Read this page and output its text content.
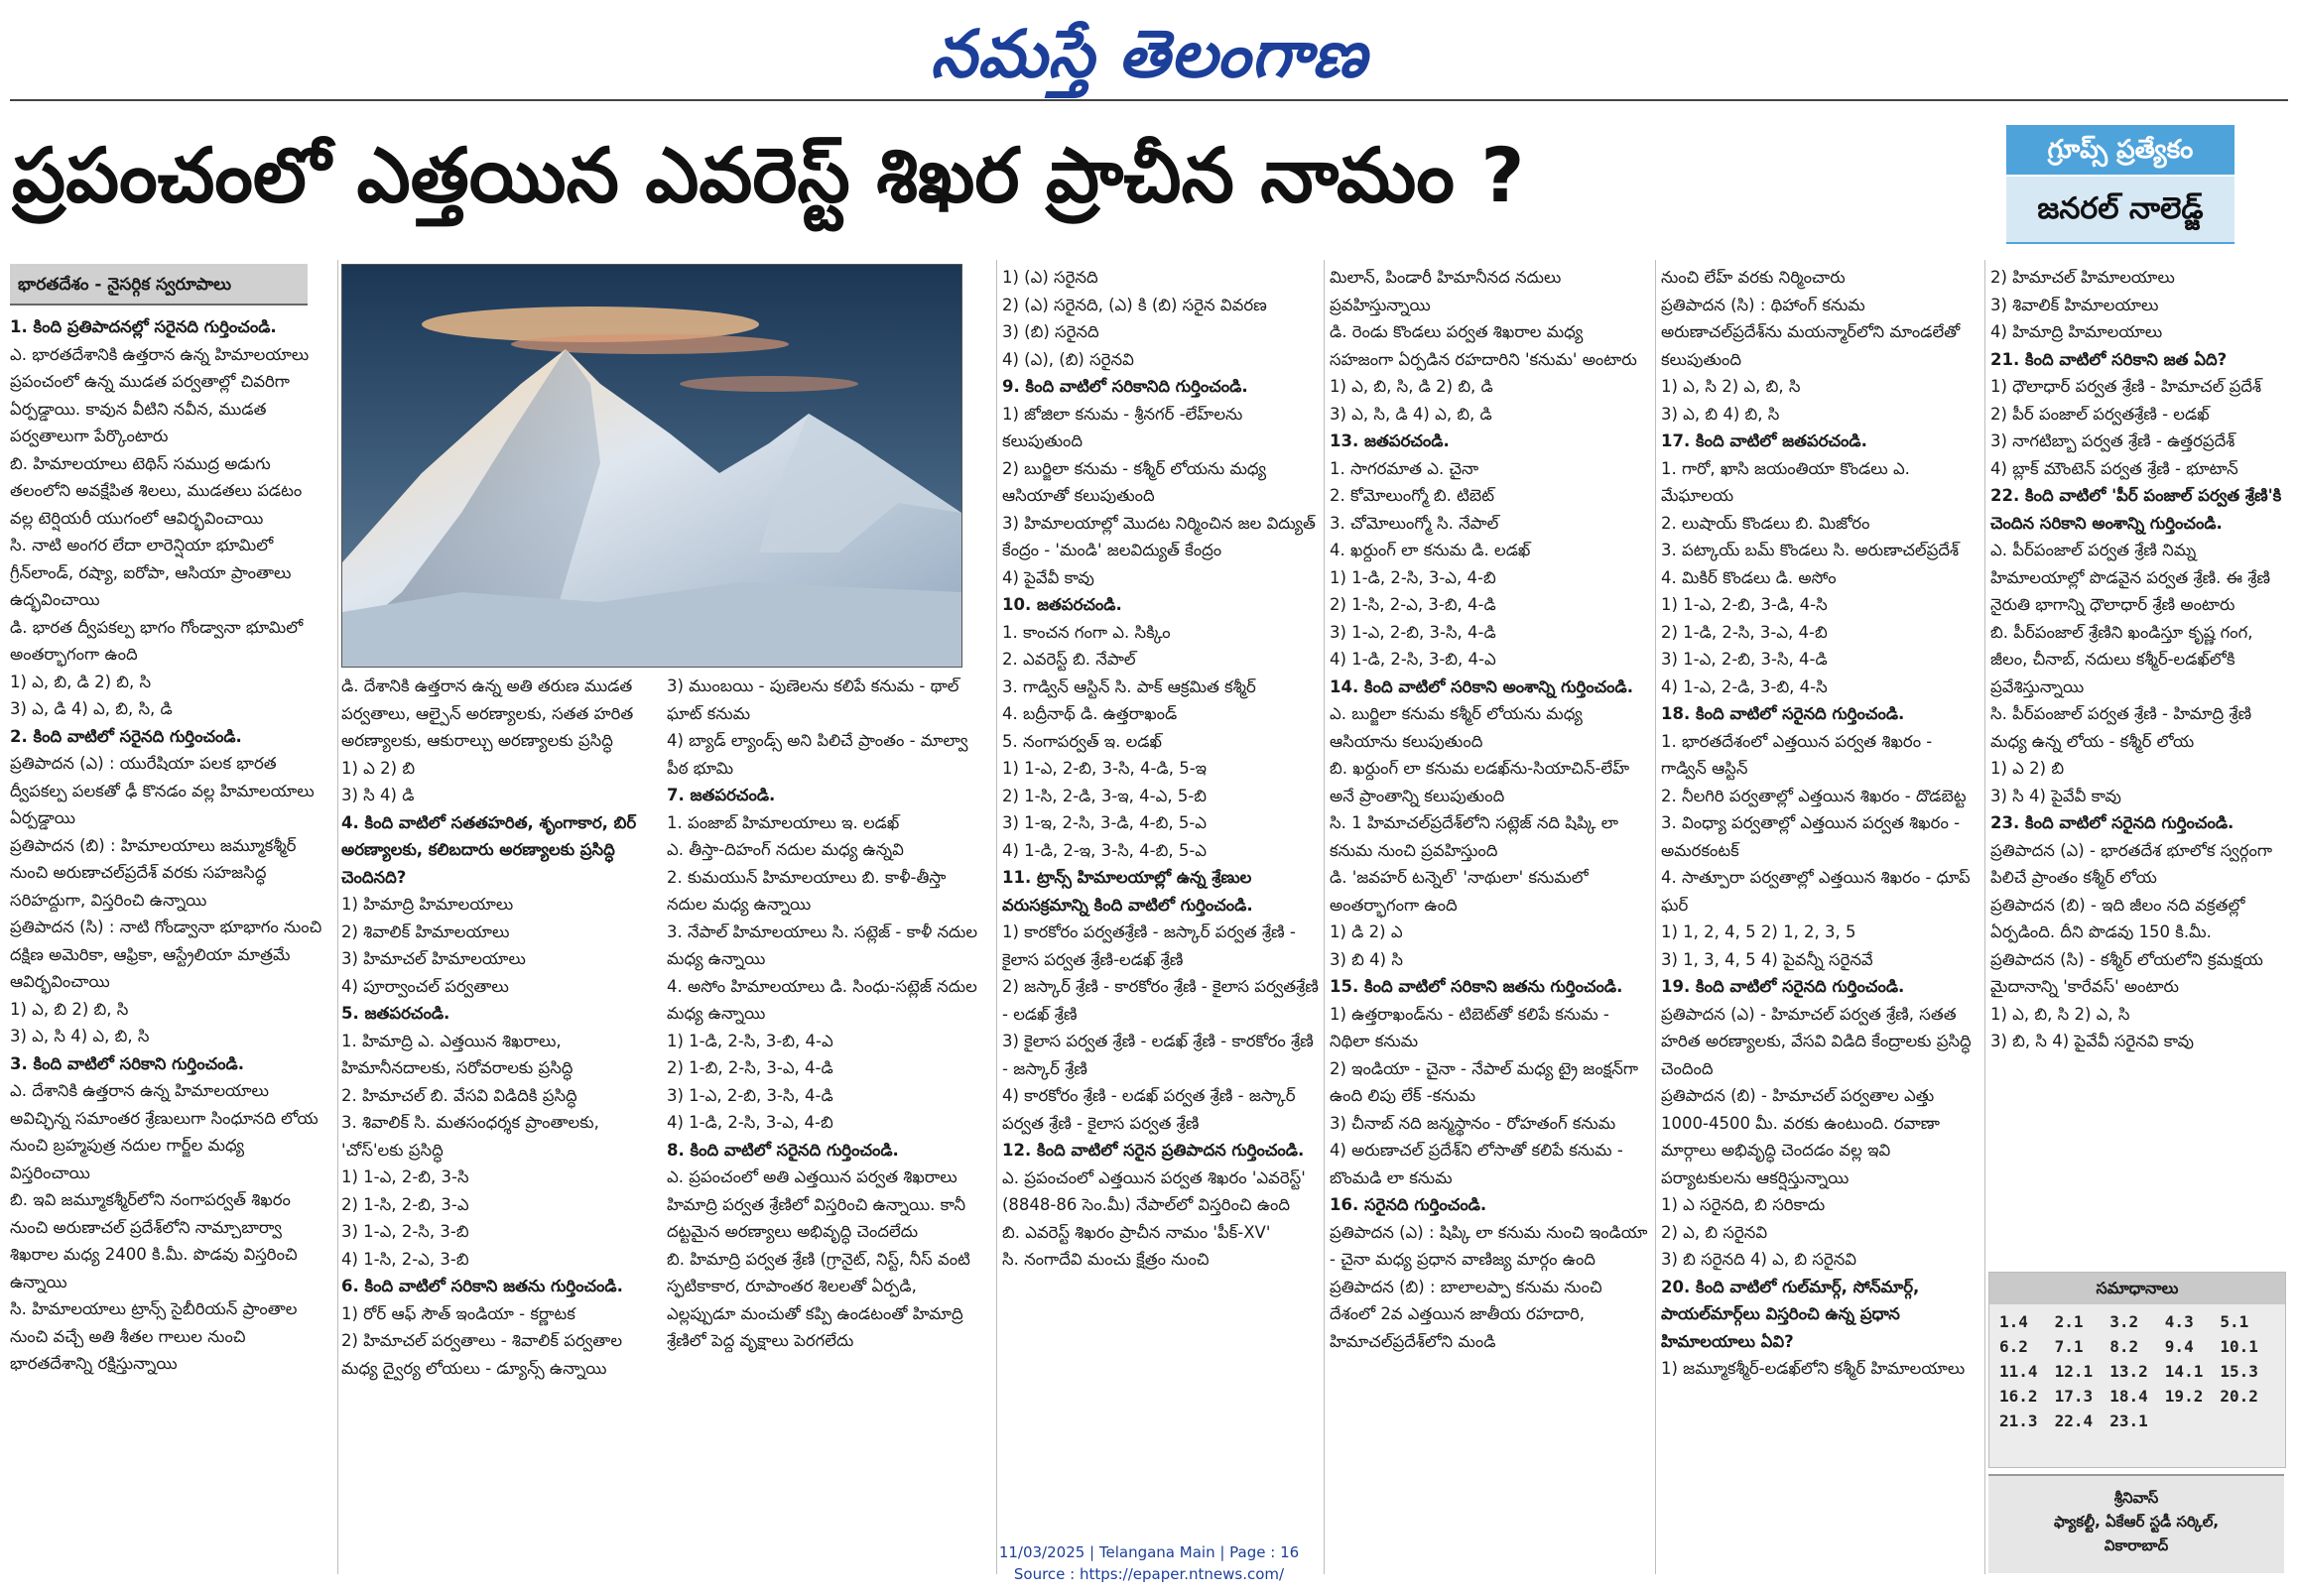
నమస్తే తెలంగాణ
ప్రపంచంలో ఎత్తయిన ఎవరెస్ట్ శిఖర ప్రాచీన నామం ?	గ్రూప్స్ ప్రత్యేకం
జనరల్ నాలెడ్జ్
భారతదేశం - నైసర్గిక స్వరూపాలు

1. కింది ప్రతిపాదనల్లో సరైనది గుర్తించండి.

ఎ. భారతదేశానికి ఉత్తరాన ఉన్న హిమాలయాలు ప్రపంచంలో ఉన్న ముడత పర్వతాల్లో చివరిగా ఏర్పడ్డాయి. కావున వీటిని నవీన, ముడత పర్వతాలుగా పేర్కొంటారు

బి. హిమాలయాలు టెథిస్ సముద్ర అడుగు తలంలోని అవక్షేపిత శిలలు, ముడతలు పడటం వల్ల టెర్షియరీ యుగంలో ఆవిర్భవించాయి

సి. నాటి అంగర లేదా లారెన్షియా భూమిలో గ్రీన్‌లాండ్, రష్యా, ఐరోపా, ఆసియా ప్రాంతాలు ఉద్భవించాయి

డి. భారత ద్వీపకల్ప భాగం గోండ్వానా భూమిలో అంతర్భాగంగా ఉంది

1) ఎ, బి, డి 2) బి, సి

3) ఎ, డి 4) ఎ, బి, సి, డి

2. కింది వాటిలో సరైనది గుర్తించండి.

ప్రతిపాదన (ఎ) : యురేషియా పలక భారత ద్వీపకల్ప పలకతో ఢీ కొనడం వల్ల హిమాలయాలు ఏర్పడ్డాయి

ప్రతిపాదన (బి) : హిమాలయాలు జమ్మూకశ్మీర్ నుంచి అరుణాచల్‌ప్రదేశ్ వరకు సహజసిద్ధ సరిహద్దుగా, విస్తరించి ఉన్నాయి

ప్రతిపాదన (సి) : నాటి గోండ్వానా భూభాగం నుంచి దక్షిణ అమెరికా, ఆఫ్రికా, ఆస్ట్రేలియా మాత్రమే ఆవిర్భవించాయి

1) ఎ, బి 2) బి, సి

3) ఎ, సి 4) ఎ, బి, సి

3. కింది వాటిలో సరికాని గుర్తించండి.

ఎ. దేశానికి ఉత్తరాన ఉన్న హిమాలయాలు అవిచ్ఛిన్న సమాంతర శ్రేణులుగా సింధూనది లోయ నుంచి బ్రహ్మపుత్ర నదుల గార్జ్‌ల మధ్య విస్తరించాయి

బి. ఇవి జమ్మూకశ్మీర్‌లోని నంగాపర్వత్ శిఖరం నుంచి అరుణాచల్ ప్రదేశ్‌లోని నామ్చాబార్వా శిఖరాల మధ్య 2400 కి.మీ. పొడవు విస్తరించి ఉన్నాయి

సి. హిమాలయాలు ట్రాన్స్ సైబీరియన్ ప్రాంతాల నుంచి వచ్చే అతి శీతల గాలుల నుంచి భారతదేశాన్ని రక్షిస్తున్నాయి

డి. దేశానికి ఉత్తరాన ఉన్న అతి తరుణ ముడత పర్వతాలు, ఆల్పైన్ అరణ్యాలకు, సతత హరిత అరణ్యాలకు, ఆకురాల్చు అరణ్యాలకు ప్రసిద్ధి

1) ఎ 2) బి

3) సి 4) డి

4. కింది వాటిలో సతతహరిత, శృంగాకార, బిర్ అరణ్యాలకు, కలిబదారు అరణ్యాలకు ప్రసిద్ధి చెందినది?

1) హిమాద్రి హిమాలయాలు

2) శివాలిక్ హిమాలయాలు

3) హిమాచల్ హిమాలయాలు

4) పూర్వాంచల్ పర్వతాలు

5. జతపరచండి.

1. హిమాద్రి ఎ. ఎత్తయిన శిఖరాలు, హిమానీనదాలకు, సరోవరాలకు ప్రసిద్ధి

2. హిమాచల్ బి. వేసవి విడిదికి ప్రసిద్ధి

3. శివాలిక్ సి. మతసంధర్శక ప్రాంతాలకు, 'చోస్'లకు ప్రసిద్ధి

1) 1-ఎ, 2-బి, 3-సి

2) 1-సి, 2-బి, 3-ఎ

3) 1-ఎ, 2-సి, 3-బి

4) 1-సి, 2-ఎ, 3-బి

6. కింది వాటిలో సరికాని జతను గుర్తించండి.

1) రోర్ ఆఫ్ సౌత్ ఇండియా - కర్ణాటక

2) హిమాచల్ పర్వతాలు - శివాలిక్ పర్వతాల మధ్య ద్వైర్య లోయలు - డ్యూన్స్ ఉన్నాయి

3) ముంబయి - పుణెలను కలిపే కనుమ - థాల్ ఘాట్ కనుమ

4) బ్యాడ్ ల్యాండ్స్ అని పిలిచే ప్రాంతం - మాల్వా పీఠ భూమి

7. జతపరచండి.

1. పంజాబ్ హిమాలయాలు ఇ. లడఖ్

ఎ. తీస్తా-దిహంగ్ నదుల మధ్య ఉన్నవి

2. కుమయున్ హిమాలయాలు బి. కాళీ-తీస్తా నదుల మధ్య ఉన్నాయి

3. నేపాల్ హిమాలయాలు సి. సట్లెజ్ - కాళీ నదుల మధ్య ఉన్నాయి

4. అసోం హిమాలయాలు డి. సింధు-సట్లెజ్ నదుల మధ్య ఉన్నాయి

1) 1-డి, 2-సి, 3-బి, 4-ఎ

2) 1-బి, 2-సి, 3-ఎ, 4-డి

3) 1-ఎ, 2-బి, 3-సి, 4-డి

4) 1-డి, 2-సి, 3-ఎ, 4-బి

8. కింది వాటిలో సరైనది గుర్తించండి.

ఎ. ప్రపంచంలో అతి ఎత్తయిన పర్వత శిఖరాలు హిమాద్రి పర్వత శ్రేణిలో విస్తరించి ఉన్నాయి. కానీ దట్టమైన అరణ్యాలు అభివృద్ధి చెందలేదు

బి. హిమాద్రి పర్వత శ్రేణి (గ్రానైట్, నిస్ట్, నీస్ వంటి స్ఫటికాకార, రూపాంతర శిలలతో ఏర్పడి, ఎల్లప్పుడూ మంచుతో కప్పి ఉండటంతో హిమాద్రి శ్రేణిలో పెద్ద వృక్షాలు పెరగలేదు

1) (ఎ) సరైనది

2) (ఎ) సరైనది, (ఎ) కి (బి) సరైన వివరణ

3) (బి) సరైనది

4) (ఎ), (బి) సరైనవి

9. కింది వాటిలో సరికానిది గుర్తించండి.

1) జోజిలా కనుమ - శ్రీనగర్ -లేహ్‌లను కలుపుతుంది

2) బుర్జిలా కనుమ - కశ్మీర్ లోయను మధ్య ఆసియాతో కలుపుతుంది

3) హిమాలయాల్లో మొదట నిర్మించిన జల విద్యుత్ కేంద్రం - 'మండి' జలవిద్యుత్ కేంద్రం

4) పైవేవీ కావు

10. జతపరచండి.

1. కాంచన గంగా ఎ. సిక్కిం

2. ఎవరెస్ట్ బి. నేపాల్

3. గాడ్విన్ ఆస్టిన్ సి. పాక్ ఆక్రమిత కశ్మీర్

4. బద్రీనాథ్ డి. ఉత్తరాఖండ్

5. నంగాపర్వత్ ఇ. లడఖ్

1) 1-ఎ, 2-బి, 3-సి, 4-డి, 5-ఇ

2) 1-సి, 2-డి, 3-ఇ, 4-ఎ, 5-బి

3) 1-ఇ, 2-సి, 3-డి, 4-బి, 5-ఎ

4) 1-డి, 2-ఇ, 3-సి, 4-బి, 5-ఎ

11. ట్రాన్స్ హిమాలయాల్లో ఉన్న శ్రేణుల వరుసక్రమాన్ని కింది వాటిలో గుర్తించండి.

1) కారకోరం పర్వతశ్రేణి - జస్కార్ పర్వత శ్రేణి - కైలాస పర్వత శ్రేణి-లడఖ్ శ్రేణి

2) జస్కార్ శ్రేణి - కారకోరం శ్రేణి - కైలాస పర్వతశ్రేణి - లడఖ్ శ్రేణి

3) కైలాస పర్వత శ్రేణి - లడఖ్ శ్రేణి - కారకోరం శ్రేణి - జస్కార్ శ్రేణి

4) కారకోరం శ్రేణి - లడఖ్ పర్వత శ్రేణి - జస్కార్ పర్వత శ్రేణి - కైలాస పర్వత శ్రేణి

12. కింది వాటిలో సరైన ప్రతిపాదన గుర్తించండి.

ఎ. ప్రపంచంలో ఎత్తయిన పర్వత శిఖరం 'ఎవరెస్ట్' (8848-86 సెం.మీ) నేపాల్‌లో విస్తరించి ఉంది

బి. ఎవరెస్ట్ శిఖరం ప్రాచీన నామం 'పీక్-XV'

సి. నంగాదేవి మంచు క్షేత్రం నుంచి

మిలాన్, పిండారీ హిమానీనద నదులు ప్రవహిస్తున్నాయి

డి. రెండు కొండలు పర్వత శిఖరాల మధ్య సహజంగా ఏర్పడిన రహదారిని 'కనుమ' అంటారు

1) ఎ, బి, సి, డి 2) బి, డి

3) ఎ, సి, డి 4) ఎ, బి, డి

13. జతపరచండి.

1. సాగరమాత ఎ. చైనా

2. కోమోలుంగ్మో బి. టిబెట్

3. చోమోలుంగ్మో సి. నేపాల్

4. ఖర్దుంగ్ లా కనుమ డి. లడఖ్

1) 1-డి, 2-సి, 3-ఎ, 4-బి

2) 1-సి, 2-ఎ, 3-బి, 4-డి

3) 1-ఎ, 2-బి, 3-సి, 4-డి

4) 1-డి, 2-సి, 3-బి, 4-ఎ

14. కింది వాటిలో సరికాని అంశాన్ని గుర్తించండి.

ఎ. బుర్జిలా కనుమ కశ్మీర్ లోయను మధ్య ఆసియాను కలుపుతుంది

బి. ఖర్దుంగ్ లా కనుమ లడఖ్‌ను-సియాచిన్-లేహ్ అనే ప్రాంతాన్ని కలుపుతుంది

సి. 1 హిమాచల్‌ప్రదేశ్‌లోని సట్లెజ్ నది షిప్కి లా కనుమ నుంచి ప్రవహిస్తుంది

డి. 'జవహర్ టన్నెల్' 'నాథులా' కనుమలో అంతర్భాగంగా ఉంది

1) డి 2) ఎ

3) బి 4) సి

15. కింది వాటిలో సరికాని జతను గుర్తించండి.

1) ఉత్తరాఖండ్‌ను - టిబెట్‌తో కలిపే కనుమ - నిథిలా కనుమ

2) ఇండియా - చైనా - నేపాల్ మధ్య ట్రై జంక్షన్‌గా ఉంది లిపు లేక్ -కనుమ

3) చీనాబ్ నది జన్మస్థానం - రోహతంగ్ కనుమ

4) అరుణాచల్ ప్రదేశ్‌ని లోసాతో కలిపే కనుమ - బొంమడి లా కనుమ

16. సరైనది గుర్తించండి.

ప్రతిపాదన (ఎ) : షిప్కి లా కనుమ నుంచి ఇండియా - చైనా మధ్య ప్రధాన వాణిజ్య మార్గం ఉంది

ప్రతిపాదన (బి) : బాలాలప్పా కనుమ నుంచి దేశంలో 2వ ఎత్తయిన జాతీయ రహదారి, హిమాచల్‌ప్రదేశ్‌లోని మండి

నుంచి లేహ్ వరకు నిర్మించారు

ప్రతిపాదన (సి) : థిహాంగ్ కనుమ అరుణాచల్‌ప్రదేశ్‌ను మయన్మార్‌లోని మాండలేతో కలుపుతుంది

1) ఎ, సి 2) ఎ, బి, సి

3) ఎ, బి 4) బి, సి

17. కింది వాటిలో జతపరచండి.

1. గారో, ఖాసి జయంతియా కొండలు ఎ. మేఘాలయ

2. లుషాయ్ కొండలు బి. మిజోరం

3. పట్కాయ్ బమ్ కొండలు సి. అరుణాచల్‌ప్రదేశ్

4. మికిర్ కొండలు డి. అసోం

1) 1-ఎ, 2-బి, 3-డి, 4-సి

2) 1-డి, 2-సి, 3-ఎ, 4-బి

3) 1-ఎ, 2-బి, 3-సి, 4-డి

4) 1-ఎ, 2-డి, 3-బి, 4-సి

18. కింది వాటిలో సరైనది గుర్తించండి.

1. భారతదేశంలో ఎత్తయిన పర్వత శిఖరం - గాడ్విన్ ఆస్టిన్

2. నీలగిరి పర్వతాల్లో ఎత్తయిన శిఖరం - దొడబెట్ట

3. వింధ్యా పర్వతాల్లో ఎత్తయిన పర్వత శిఖరం - అమరకంటక్

4. సాత్పూరా పర్వతాల్లో ఎత్తయిన శిఖరం - ధూప్ ఘర్

1) 1, 2, 4, 5 2) 1, 2, 3, 5

3) 1, 3, 4, 5 4) పైవన్నీ సరైనవే

19. కింది వాటిలో సరైనది గుర్తించండి.

ప్రతిపాదన (ఎ) - హిమాచల్ పర్వత శ్రేణి, సతత హరిత అరణ్యాలకు, వేసవి విడిది కేంద్రాలకు ప్రసిద్ధి చెందింది

ప్రతిపాదన (బి) - హిమాచల్ పర్వతాల ఎత్తు 1000-4500 మీ. వరకు ఉంటుంది. రవాణా మార్గాలు అభివృద్ధి చెందడం వల్ల ఇవి పర్యాటకులను ఆకర్షిస్తున్నాయి

1) ఎ సరైనది, బి సరికాదు

2) ఎ, బి సరైనవి

3) బి సరైనది 4) ఎ, బి సరైనవి

20. కింది వాటిలో గుల్‌మార్గ్, సోన్‌మార్గ్, పాయల్‌మార్గ్‌లు విస్తరించి ఉన్న ప్రధాన హిమాలయాలు ఏవి?

1) జమ్మూకశ్మీర్-లడఖ్‌లోని కశ్మీర్ హిమాలయాలు

2) హిమాచల్ హిమాలయాలు

3) శివాలిక్ హిమాలయాలు

4) హిమాద్రి హిమాలయాలు

21. కింది వాటిలో సరికాని జత ఏది?

1) ధౌలాధార్ పర్వత శ్రేణి - హిమాచల్ ప్రదేశ్

2) పీర్ పంజాల్ పర్వతశ్రేణి - లడఖ్

3) నాగటిబ్బా పర్వత శ్రేణి - ఉత్తరప్రదేశ్

4) బ్లాక్ మౌంటెన్ పర్వత శ్రేణి - భూటాన్

22. కింది వాటిలో 'పీర్ పంజాల్ పర్వత శ్రేణి'కి చెందిన సరికాని అంశాన్ని గుర్తించండి.

ఎ. పీర్‌పంజాల్ పర్వత శ్రేణి నిమ్న హిమాలయాల్లో పొడవైన పర్వత శ్రేణి. ఈ శ్రేణి నైరుతి భాగాన్ని ధౌలాధార్ శ్రేణి అంటారు

బి. పీర్‌పంజాల్ శ్రేణిని ఖండిస్తూ కృష్ణ గంగ, జీలం, చీనాబ్, నదులు కశ్మీర్-లడఖ్‌లోకి ప్రవేశిస్తున్నాయి

సి. పీర్‌పంజాల్ పర్వత శ్రేణి - హిమాద్రి శ్రేణి మధ్య ఉన్న లోయ - కశ్మీర్ లోయ

1) ఎ 2) బి

3) సి 4) పైవేవీ కావు

23. కింది వాటిలో సరైనది గుర్తించండి.

ప్రతిపాదన (ఎ) - భారతదేశ భూలోక స్వర్గంగా పిలిచే ప్రాంతం కశ్మీర్ లోయ

ప్రతిపాదన (బి) - ఇది జీలం నది వక్రతల్లో ఏర్పడింది. దీని పొడవు 150 కి.మీ.

ప్రతిపాదన (సి) - కశ్మీర్ లోయలోని క్రమక్షయ మైదానాన్ని 'కారేవస్' అంటారు

1) ఎ, బి, సి 2) ఎ, సి

3) బి, సి 4) పైవేవీ సరైనవి కావు

సమాధానాలు
1.4	2.1	3.2	4.3	5.1
6.2	7.1	8.2	9.4	10.1
11.4	12.1	13.2	14.1	15.3
16.2	17.3	18.4	19.2	20.2
21.3	22.4	23.1
శ్రీనివాస్
ఫ్యాకల్టీ, ఏకేఆర్ స్టడీ సర్కిల్,
వికారాబాద్
11/03/2025 | Telangana Main | Page : 16
Source : https://epaper.ntnews.com/
